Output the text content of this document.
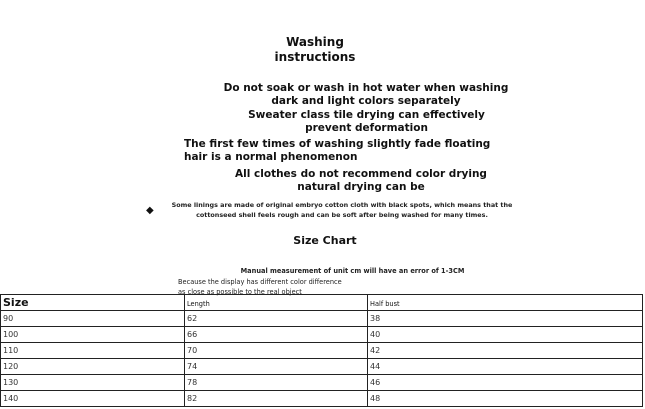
Washing instructions
Do not soak or wash in hot water when washing dark and light colors separately
Sweater class tile drying can effectively prevent deformation
The first few times of washing slightly fade floating hair is a normal phenomenon
All clothes do not recommend color drying natural drying can be
◆	Some linings are made of original embryo cotton cloth with black spots, which means that the cottonseed shell feels rough and can be soft after being washed for many times.
Size Chart
Manual measurement of unit cm will have an error of 1-3CM
Because the display has different color difference as close as possible to the real object
Size	Length	Half bust
90	62	38
100	66	40
110	70	42
120	74	44
130	78	46
140	82	48
